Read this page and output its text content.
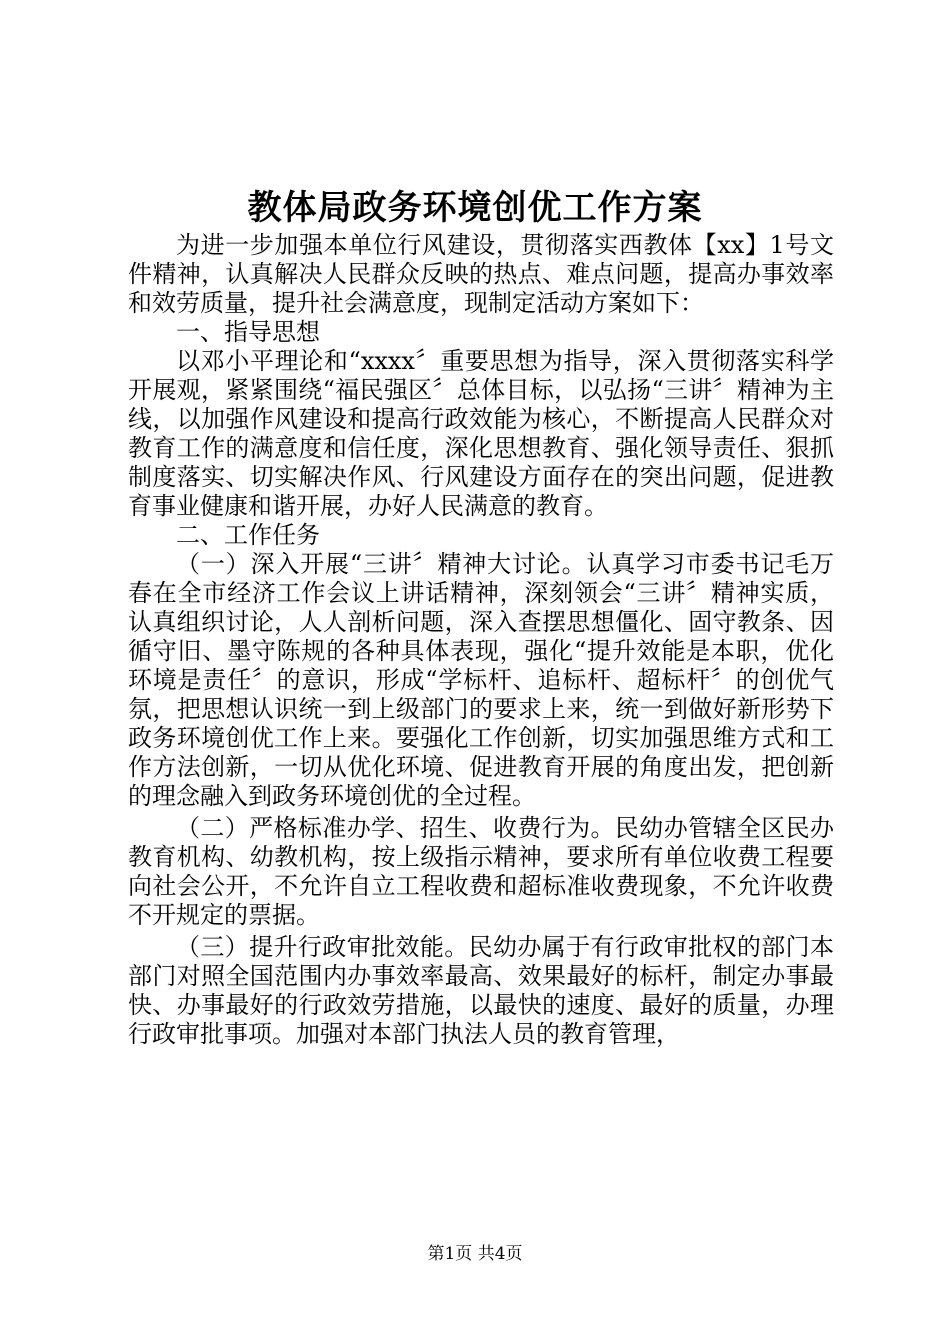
教体局政务环境创优工作方案

为进一步加强本单位行风建设，贯彻落实西教体【xx】1号文件精神，认真解决人民群众反映的热点、难点问题，提高办事效率和效劳质量，提升社会满意度，现制定活动方案如下：

一、指导思想

以邓小平理论和“xxxx〞重要思想为指导，深入贯彻落实科学开展观，紧紧围绕“福民强区〞总体目标，以弘扬“三讲〞精神为主线，以加强作风建设和提高行政效能为核心，不断提高人民群众对教育工作的满意度和信任度，深化思想教育、强化领导责任、狠抓制度落实、切实解决作风、行风建设方面存在的突出问题，促进教育事业健康和谐开展，办好人民满意的教育。

二、工作任务

（一）深入开展“三讲〞精神大讨论。认真学习市委书记毛万春在全市经济工作会议上讲话精神，深刻领会“三讲〞精神实质，认真组织讨论，人人剖析问题，深入查摆思想僵化、固守教条、因循守旧、墨守陈规的各种具体表现，强化“提升效能是本职，优化环境是责任〞的意识，形成“学标杆、追标杆、超标杆〞的创优气氛，把思想认识统一到上级部门的要求上来，统一到做好新形势下政务环境创优工作上来。要强化工作创新，切实加强思维方式和工作方法创新，一切从优化环境、促进教育开展的角度出发，把创新的理念融入到政务环境创优的全过程。

（二）严格标准办学、招生、收费行为。民幼办管辖全区民办教育机构、幼教机构，按上级指示精神，要求所有单位收费工程要向社会公开，不允许自立工程收费和超标准收费现象，不允许收费不开规定的票据。

（三）提升行政审批效能。民幼办属于有行政审批权的部门本部门对照全国范围内办事效率最高、效果最好的标杆，制定办事最快、办事最好的行政效劳措施，以最快的速度、最好的质量，办理行政审批事项。加强对本部门执法人员的教育管理，

第1页 共4页
